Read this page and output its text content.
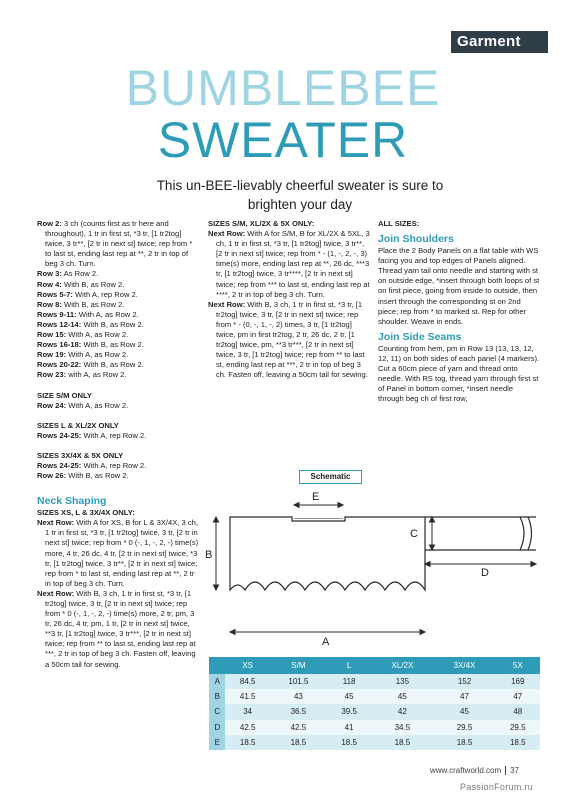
Garment
BUMBLEBEE
SWEATER
This un-BEE-lievably cheerful sweater is sure to brighten your day
Row 2: 3 ch (counts first as tr here and throughout), 1 tr in first st, *3 tr, [1 tr2tog] twice, 3 tr**, [2 tr in next st] twice; rep from * to last st, ending last rep at **, 2 tr in top of beg 3 ch. Turn.
Row 3: As Row 2.
Row 4: With B, as Row 2.
Rows 5-7: With A, rep Row 2.
Row 8: With B, as Row 2.
Rows 9-11: With A, as Row 2.
Rows 12-14: With B, as Row 2.
Row 15: With A, as Row 2.
Rows 16-18: With B, as Row 2.
Row 19: With A, as Row 2.
Rows 20-22: With B, as Row 2.
Row 23: with A, as Row 2.
SIZE S/M ONLY
Row 24: With A, as Row 2.
SIZES L & XL/2X ONLY
Rows 24-25: With A, rep Row 2.
SIZES 3X/4X & 5X ONLY
Rows 24-25: With A, rep Row 2.
Row 26: With B, as Row 2.
Neck Shaping
SIZES XS, L & 3X/4X ONLY:
Next Row: With A for XS, B for L & 3X/4X, 3 ch, 1 tr in first st, *3 tr, [1 tr2tog] twice, 3 tr, [2 tr in next st] twice; rep from * 0 (-, 1, -, 2, -) time(s) more, 4 tr, 26 dc, 4 tr, [2 tr in next st] twice, *3 tr, [1 tr2tog] twice, 3 tr**, [2 tr in next st] twice; rep from * to last st, ending last rep at **, 2 tr in top of beg 3 ch. Turn.
Next Row: With B, 3 ch, 1 tr in first st, *3 tr, [1 tr2tog] twice, 3 tr, [2 tr in next st] twice; rep from * 0 (-, 1, -, 2, -) time(s) more, 2 tr, pm, 3 tr, 26 dc, 4 tr, pm, 1 tr, [2 tr in next st] twice, **3 tr, [1 tr2tog] twice, 3 tr***, [2 tr in next st] twice; rep from ** to last st, ending last rep at ***, 2 tr in top of beg 3 ch. Fasten off, leaving a 50cm tail for sewing.
SIZES S/M, XL/2X & 5X ONLY:
Next Row: With A for S/M, B for XL/2X & 5XL, 3 ch, 1 tr in first st, *3 tr, [1 tr2tog] twice, 3 tr**, [2 tr in next st] twice; rep from * - (1, -, 2, -, 3) time(s) more, ending last rep at **, 26 dc, ***3 tr, [1 tr2tog] twice, 3 tr****, [2 tr in next st] twice; rep from *** to last st, ending last rep at ****, 2 tr in top of beg 3 ch. Turn.
Next Row: With B, 3 ch, 1 tr in first st, *3 tr, [1 tr2tog] twice, 3 tr, [2 tr in next st] twice; rep from * - (0, -, 1, -, 2) times, 3 tr, [1 tr2tog] twice, pm in first tr2tog, 2 tr, 26 dc, 2 tr, [1 tr2tog] twice, pm, **3 tr***, [2 tr in next st] twice, 3 tr, [1 tr2tog] twice; rep from ** to last st, ending last rep at ***, 2 tr in top of beg 3 ch. Fasten off, leaving a 50cm tail for sewing.
ALL SIZES:
Join Shoulders
Place the 2 Body Panels on a flat table with WS facing you and top edges of Panels aligned. Thread yarn tail onto needle and starting with st on outside edge, *insert through both loops of st on first piece, going from inside to outside, then insert through the corresponding st on 2nd piece; rep from * to marked st. Rep for other shoulder. Weave in ends.
Join Side Seams
Counting from hem, pm in Row 13 (13, 13, 12, 12, 11) on both sides of each panel (4 markers).
Cut a 60cm piece of yarn and thread onto needle. With RS tog, thread yarn through first st of Panel in bottom corner, *insert needle through beg ch of first row,
Schematic
E
B
A
C
D
	XS	S/M	L	XL/2X	3X/4X	5X
A	84.5	101.5	118	135	152	169
B	41.5	43	45	45	47	47
C	34	36.5	39.5	42	45	48
D	42.5	42.5	41	34.5	29.5	29.5
E	18.5	18.5	18.5	18.5	18.5	18.5
www.craftworld.com 37
PassionForum.ru
